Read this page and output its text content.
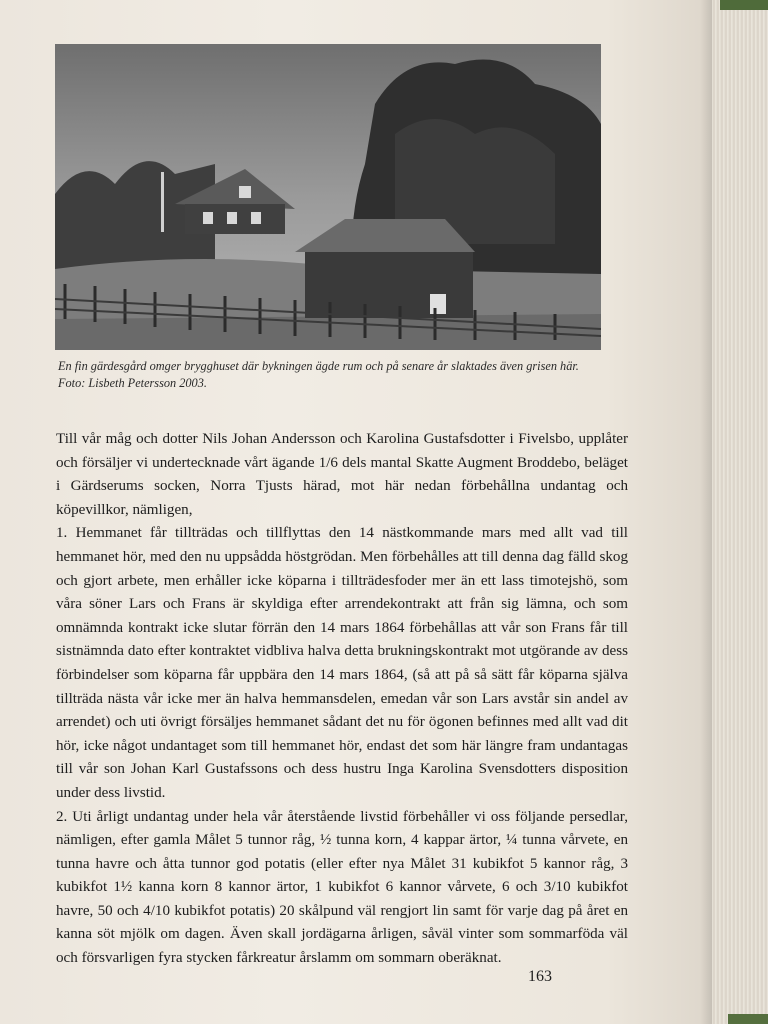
En fin gärdesgård omger brygghuset där bykningen ägde rum och på senare år slaktades även grisen här. Foto: Lisbeth Petersson 2003.

Till vår måg och dotter Nils Johan Andersson och Karolina Gustafsdotter i Fivelsbo, upplåter och försäljer vi undertecknade vårt ägande 1/6 dels mantal Skatte Augment Broddebo, beläget i Gärdserums socken, Norra Tjusts härad, mot här nedan förbehållna undantag och köpevillkor, nämligen,

1. Hemmanet får tillträdas och tillflyttas den 14 nästkommande mars med allt vad till hemmanet hör, med den nu uppsådda höstgrödan. Men förbehålles att till denna dag fälld skog och gjort arbete, men erhåller icke köparna i tillträdesfoder mer än ett lass timotejshö, som våra söner Lars och Frans är skyldiga efter arrendekontrakt att från sig lämna, och som omnämnda kontrakt icke slutar förrän den 14 mars 1864 förbehållas att vår son Frans får till sistnämnda dato efter kontraktet vidbliva halva detta brukningskontrakt mot utgörande av dess förbindelser som köparna får uppbära den 14 mars 1864, (så att på så sätt får köparna själva tillträda nästa vår icke mer än halva hemmansdelen, emedan vår son Lars avstår sin andel av arrendet) och uti övrigt försäljes hemmanet sådant det nu för ögonen befinnes med allt vad dit hör, icke något undantaget som till hemmanet hör, endast det som här längre fram undantagas till vår son Johan Karl Gustafssons och dess hustru Inga Karolina Svensdotters disposition under dess livstid.

2. Uti årligt undantag under hela vår återstående livstid förbehåller vi oss följande persedlar, nämligen, efter gamla Målet 5 tunnor råg, ½ tunna korn, 4 kappar ärtor, ¼ tunna vårvete, en tunna havre och åtta tunnor god potatis (eller efter nya Målet 31 kubikfot 5 kannor råg, 3 kubikfot 1½ kanna korn 8 kannor ärtor, 1 kubikfot 6 kannor vårvete, 6 och 3/10 kubikfot havre, 50 och 4/10 kubikfot potatis) 20 skålpund väl rengjort lin samt för varje dag på året en kanna söt mjölk om dagen. Även skall jordägarna årligen, såväl vinter som sommarföda väl och försvarligen fyra stycken fårkreatur årslamm om sommarn oberäknat.

163
